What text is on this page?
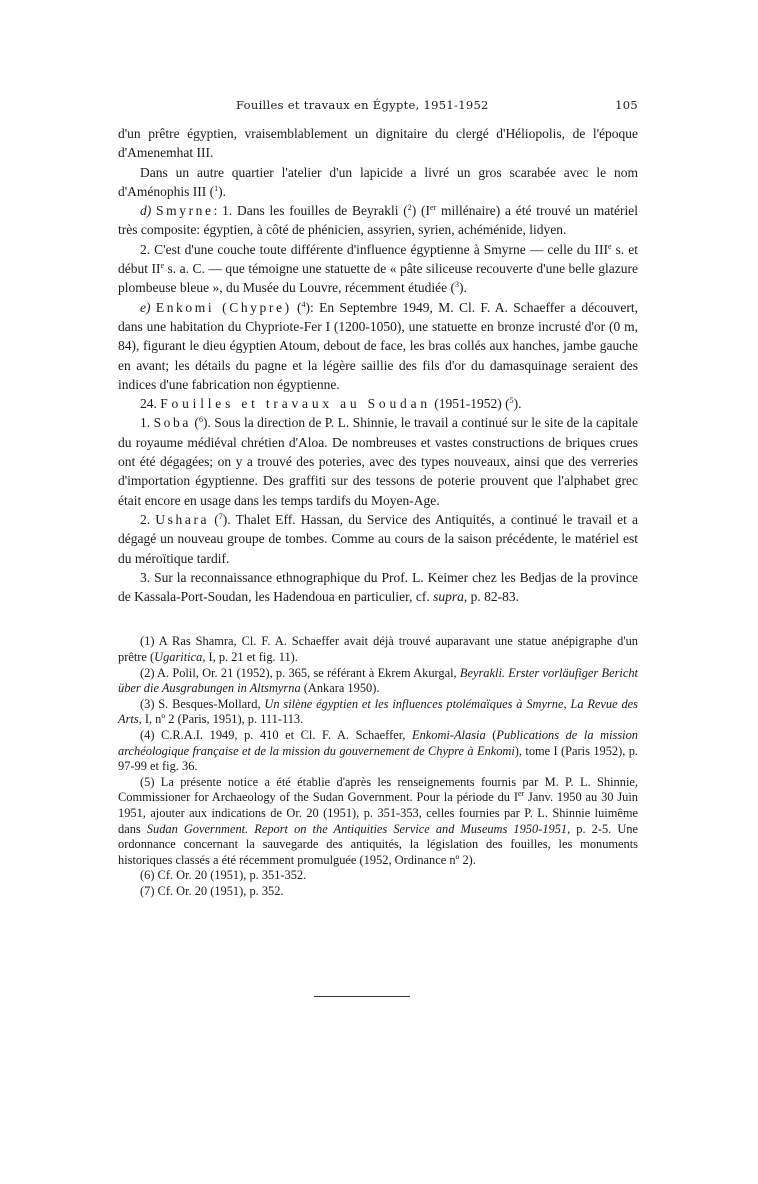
Fouilles et travaux en Égypte, 1951-1952	105

d'un prêtre égyptien, vraisemblablement un dignitaire du clergé d'Héliopolis, de l'époque d'Amenemhat III.

Dans un autre quartier l'atelier d'un lapicide a livré un gros scarabée avec le nom d'Aménophis III ($^1$).

d) Smyrne: 1. Dans les fouilles de Beyrakli ($^2$) (Ier millénaire) a été trouvé un matériel très composite: égyptien, à côté de phénicien, assyrien, syrien, achéménide, lidyen.

2. C'est d'une couche toute différente d'influence égyptienne à Smyrne — celle du IIIe s. et début IIe s. a. C. — que témoigne une statuette de « pâte siliceuse recouverte d'une belle glazure plombeuse bleue », du Musée du Louvre, récemment étudiée ($^3$).

e) Enkomi (Chypre) ($^4$): En Septembre 1949, M. Cl. F. A. Schaeffer a découvert, dans une habitation du Chypriote-Fer I (1200-1050), une statuette en bronze incrusté d'or (0 m, 84), figurant le dieu égyptien Atoum, debout de face, les bras collés aux hanches, jambe gauche en avant; les détails du pagne et la légère saillie des fils d'or du damasquinage seraient des indices d'une fabrication non égyptienne.

24. Fouilles et travaux au Soudan (1951-1952) ($^5$).

1. Soba ($^6$). Sous la direction de P. L. Shinnie, le travail a continué sur le site de la capitale du royaume médiéval chrétien d'Aloa. De nombreuses et vastes constructions de briques crues ont été dégagées; on y a trouvé des poteries, avec des types nouveaux, ainsi que des verreries d'importation égyptienne. Des graffiti sur des tessons de poterie prouvent que l'alphabet grec était encore en usage dans les temps tardifs du Moyen-Age.

2. Ushara ($^7$). Thalet Eff. Hassan, du Service des Antiquités, a continué le travail et a dégagé un nouveau groupe de tombes. Comme au cours de la saison précédente, le matériel est du méroïtique tardif.

3. Sur la reconnaissance ethnographique du Prof. L. Keimer chez les Bedjas de la province de Kassala-Port-Soudan, les Hadendoua en particulier, cf. supra, p. 82-83.

(1) A Ras Shamra, Cl. F. A. Schaeffer avait déjà trouvé auparavant une statue anépigraphe d'un prêtre (Ugaritica, I, p. 21 et fig. 11).

(2) A. Polil, Or. 21 (1952), p. 365, se référant à Ekrem Akurgal, Beyrakli. Erster vorläufiger Bericht über die Ausgrabungen in Altsmyrna (Ankara 1950).

(3) S. Besques-Mollard, Un silène égyptien et les influences ptolémaïques à Smyrne, La Revue des Arts, I, nº 2 (Paris, 1951), p. 111-113.

(4) C.R.A.I. 1949, p. 410 et Cl. F. A. Schaeffer, Enkomi-Alasia (Publications de la mission archéologique française et de la mission du gouvernement de Chypre à Enkomi), tome I (Paris 1952), p. 97-99 et fig. 36.

(5) La présente notice a été établie d'après les renseignements fournis par M. P. L. Shinnie, Commissioner for Archaeology of the Sudan Government. Pour la période du Ier Janv. 1950 au 30 Juin 1951, ajouter aux indications de Or. 20 (1951), p. 351-353, celles fournies par P. L. Shinnie luimême dans Sudan Government. Report on the Antiquities Service and Museums 1950-1951, p. 2-5. Une ordonnance concernant la sauvegarde des antiquités, la législation des fouilles, les monuments historiques classés a été récemment promulguée (1952, Ordinance nº 2).

(6) Cf. Or. 20 (1951), p. 351-352.

(7) Cf. Or. 20 (1951), p. 352.
